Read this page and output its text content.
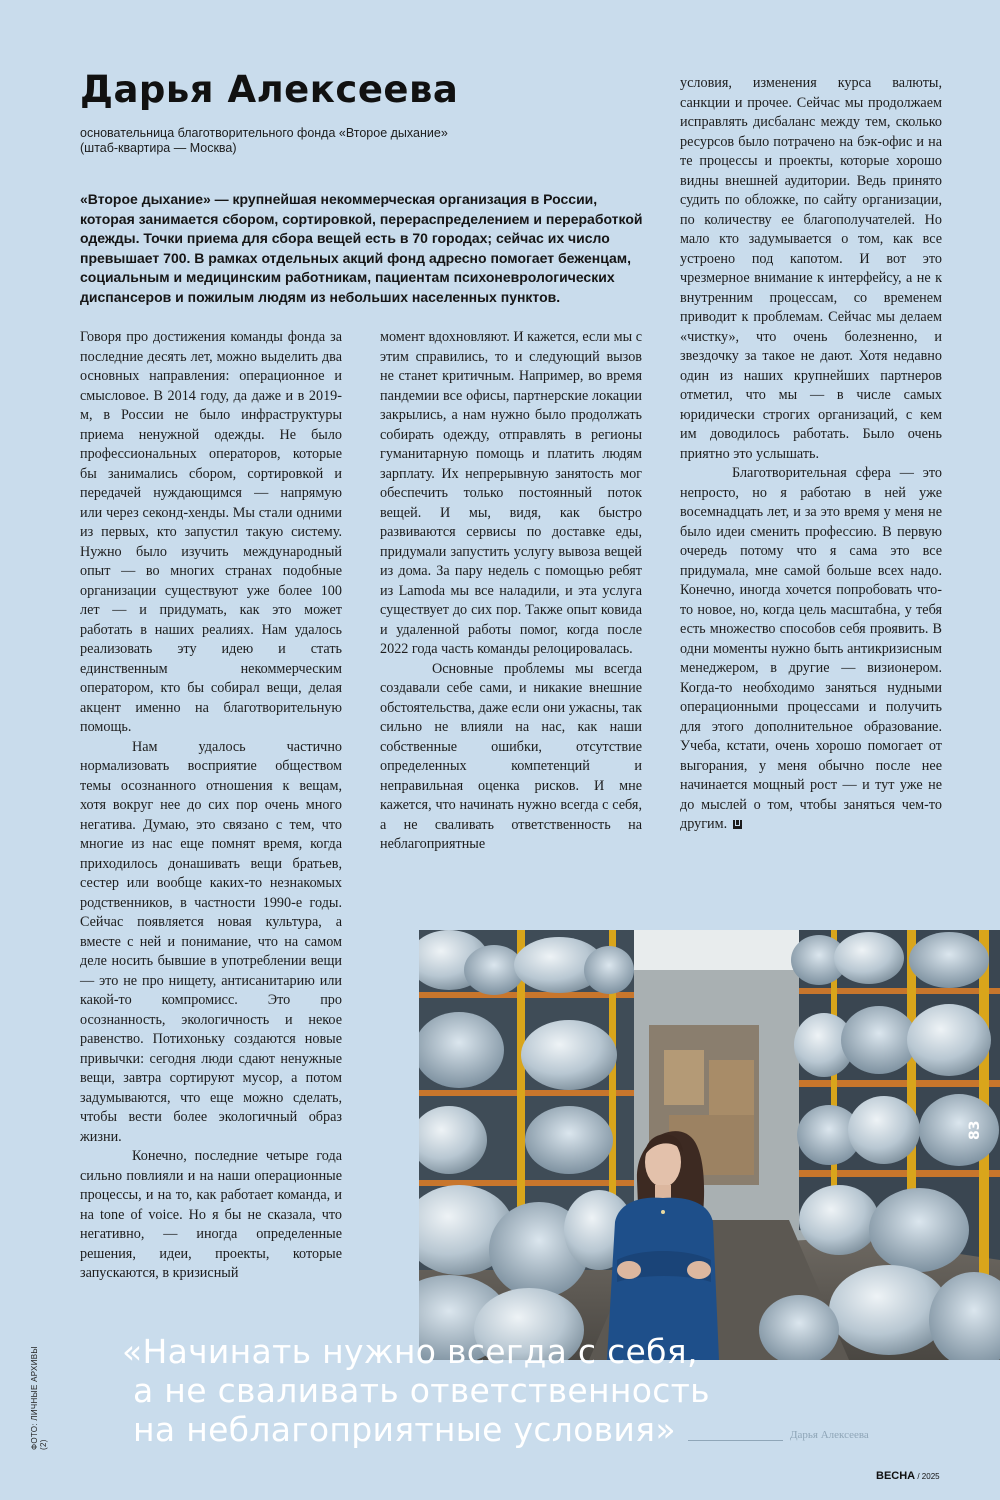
Дарья Алексеева
основательница благотворительного фонда «Второе дыхание»
(штаб-квартира — Москва)
«Второе дыхание» — крупнейшая некоммерческая организация в России, которая занимается сбором, сортировкой, перераспределением и переработкой одежды. Точки приема для сбора вещей есть в 70 городах; сейчас их число превышает 700. В рамках отдельных акций фонд адресно помогает беженцам, социальным и медицинским работникам, пациентам психоневрологических диспансеров и пожилым людям из небольших населенных пунктов.

Говоря про достижения команды фонда за последние десять лет, можно выделить два основных направления: операционное и смысловое. В 2014 году, да даже и в 2019-м, в России не было инфраструктуры приема ненужной одежды. Не было профессиональных операторов, которые бы занимались сбором, сортировкой и передачей нуждающимся — напрямую или через секонд-хенды. Мы стали одними из первых, кто запустил такую систему. Нужно было изучить международный опыт — во многих странах подобные организации существуют уже более 100 лет — и придумать, как это может работать в наших реалиях. Нам удалось реализовать эту идею и стать единственным некоммерческим оператором, кто бы собирал вещи, делая акцент именно на благотворительную помощь.

Нам удалось частично нормализовать восприятие обществом темы осознанного отношения к вещам, хотя вокруг нее до сих пор очень много негатива. Думаю, это связано с тем, что многие из нас еще помнят время, когда приходилось донашивать вещи братьев, сестер или вообще каких-то незнакомых родственников, в частности 1990-е годы. Сейчас появляется новая культура, а вместе с ней и понимание, что на самом деле носить бывшие в употреблении вещи — это не про нищету, антисанитарию или какой-то компромисс. Это про осознанность, экологичность и некое равенство. Потихоньку создаются новые привычки: сегодня люди сдают ненужные вещи, завтра сортируют мусор, а потом задумываются, что еще можно сделать, чтобы вести более экологичный образ жизни.

Конечно, последние четыре года сильно повлияли и на наши операционные процессы, и на то, как работает команда, и на tone of voice. Но я бы не сказала, что негативно, — иногда определенные решения, идеи, проекты, которые запускаются, в кризисный

момент вдохновляют. И кажется, если мы с этим справились, то и следующий вызов не станет критичным. Например, во время пандемии все офисы, партнерские локации закрылись, а нам нужно было продолжать собирать одежду, отправлять в регионы гуманитарную помощь и платить людям зарплату. Их непрерывную занятость мог обеспечить только постоянный поток вещей. И мы, видя, как быстро развиваются сервисы по доставке еды, придумали запустить услугу вывоза вещей из дома. За пару недель с помощью ребят из Lamoda мы все наладили, и эта услуга существует до сих пор. Также опыт ковида и удаленной работы помог, когда после 2022 года часть команды релоцировалась.

Основные проблемы мы всегда создавали себе сами, и никакие внешние обстоятельства, даже если они ужасны, так сильно не влияли на нас, как наши собственные ошибки, отсутствие определенных компетенций и неправильная оценка рисков. И мне кажется, что начинать нужно всегда с себя, а не сваливать ответственность на неблагоприятные

условия, изменения курса валюты, санкции и прочее. Сейчас мы продолжаем исправлять дисбаланс между тем, сколько ресурсов было потрачено на бэк-офис и на те процессы и проекты, которые хорошо видны внешней аудитории. Ведь принято судить по обложке, по сайту организации, по количеству ее благополучателей. Но мало кто задумывается о том, как все устроено под капотом. И вот это чрезмерное внимание к интерфейсу, а не к внутренним процессам, со временем приводит к проблемам. Сейчас мы делаем «чистку», что очень болезненно, и звездочку за такое не дают. Хотя недавно один из наших крупнейших партнеров отметил, что мы — в числе самых юридически строгих организаций, с кем им доводилось работать. Было очень приятно это услышать.

Благотворительная сфера — это непросто, но я работаю в ней уже восемнадцать лет, и за это время у меня не было идеи сменить профессию. В первую очередь потому что я сама это все придумала, мне самой больше всех надо. Конечно, иногда хочется попробовать что-то новое, но, когда цель масштабна, у тебя есть множество способов себя проявить. В одни моменты нужно быть антикризисным менеджером, в другие — визионером. Когда-то необходимо заняться нудными операционными процессами и получить для этого дополнительное образование. Учеба, кстати, очень хорошо помогает от выгорания, у меня обычно после нее начинается мощный рост — и тут уже не до мыслей о том, чтобы заняться чем-то другим.

83
ФОТО: ЛИЧНЫЕ АРХИВЫ (2)
«Начинать нужно всегда с себя,
а не сваливать ответственность
на неблагоприятные условия»	Дарья Алексеева
ВЕСНА / 2025
